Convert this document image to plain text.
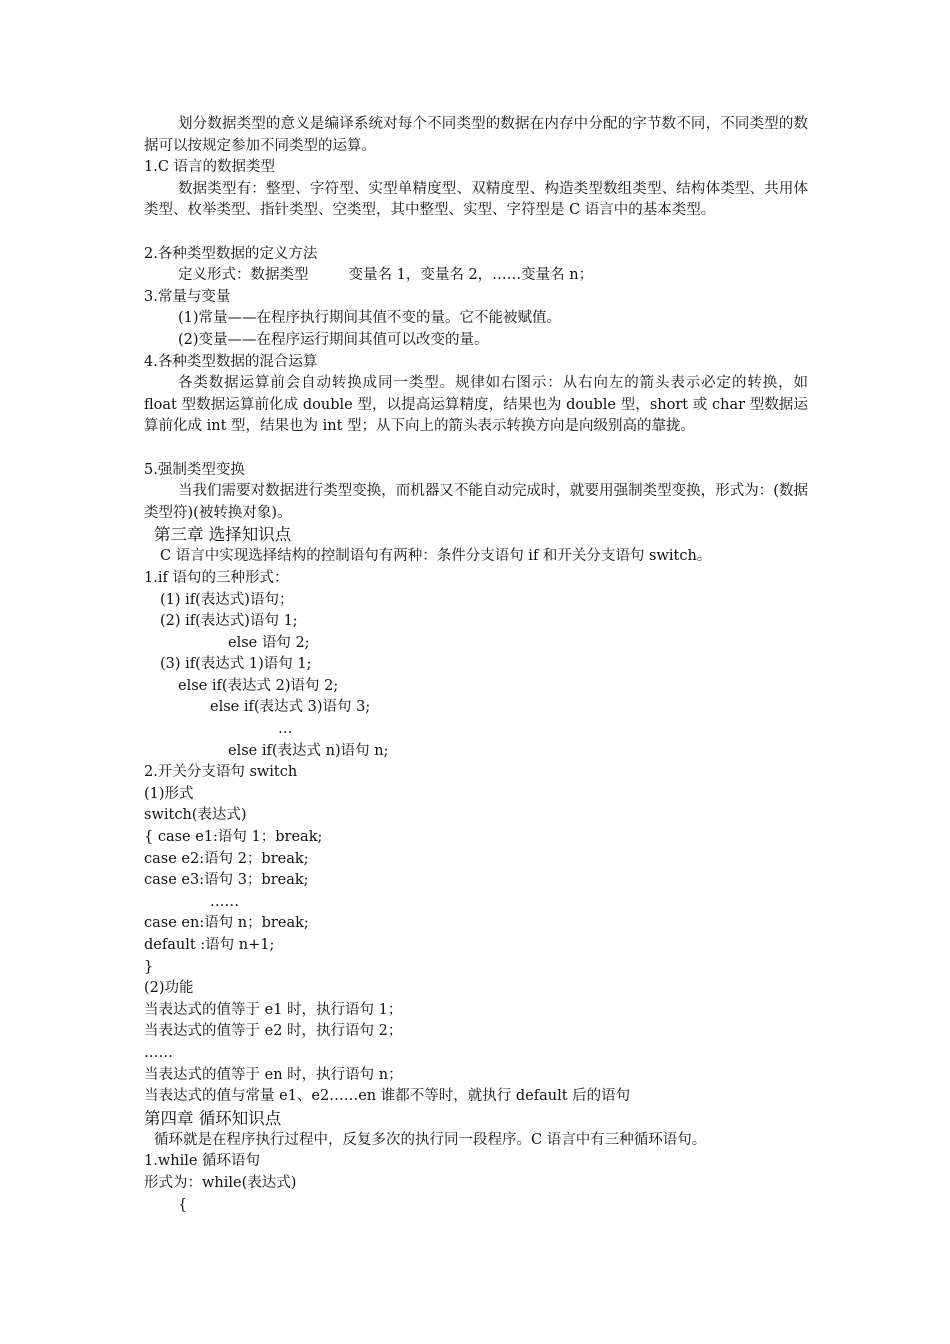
划分数据类型的意义是编译系统对每个不同类型的数据在内存中分配的字节数不同，不同类型的数据可以按规定参加不同类型的运算。
1.C 语言的数据类型
数据类型有：整型、字符型、实型单精度型、双精度型、构造类型数组类型、结构体类型、共用体类型、枚举类型、指针类型、空类型，其中整型、实型、字符型是 C 语言中的基本类型。
2.各种类型数据的定义方法
定义形式：数据类型	变量名 1，变量名 2，……变量名 n；
3.常量与变量
(1)常量——在程序执行期间其值不变的量。它不能被赋值。
(2)变量——在程序运行期间其值可以改变的量。
4.各种类型数据的混合运算
各类数据运算前会自动转换成同一类型。规律如右图示：从右向左的箭头表示必定的转换，如 float 型数据运算前化成 double 型，以提高运算精度，结果也为 double 型，short 或 char 型数据运算前化成 int 型，结果也为 int 型；从下向上的箭头表示转换方向是向级别高的靠拢。
5.强制类型变换
当我们需要对数据进行类型变换，而机器又不能自动完成时，就要用强制类型变换，形式为：(数据类型符)(被转换对象)。
第三章 选择知识点
C 语言中实现选择结构的控制语句有两种：条件分支语句 if 和开关分支语句 switch。
1.if 语句的三种形式：
(1) if(表达式)语句；
(2) if(表达式)语句 1;
else 语句 2;
(3) if(表达式 1)语句 1;
else if(表达式 2)语句 2;
else if(表达式 3)语句 3;
…
else if(表达式 n)语句 n;
2.开关分支语句 switch
(1)形式
switch(表达式)
{ case e1:语句 1；break;
case e2:语句 2；break;
case e3:语句 3；break;
……
case en:语句 n；break;
default :语句 n+1;
}
(2)功能
当表达式的值等于 e1 时，执行语句 1；
当表达式的值等于 e2 时，执行语句 2；
……
当表达式的值等于 en 时，执行语句 n；
当表达式的值与常量 e1、e2……en 谁都不等时，就执行 default 后的语句
第四章 循环知识点
循环就是在程序执行过程中，反复多次的执行同一段程序。C 语言中有三种循环语句。
1.while 循环语句
形式为：while(表达式)
{
